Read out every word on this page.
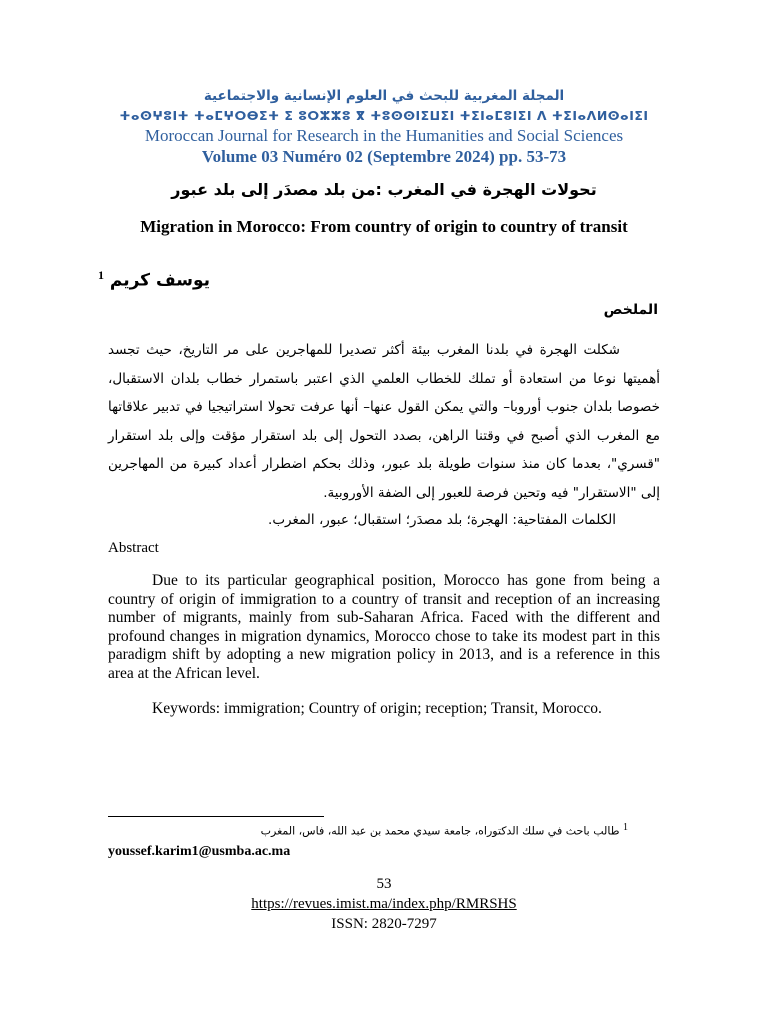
المجلة المغربية للبحث في العلوم الإنسانية والاجتماعية
ⵜⴰⵙⵖⵓⵏⵜ ⵜⴰⵎⵖⵔⴱⵉⵜ ⵉ ⵓⵔⵣⵣⵓ ⴳ ⵜⵓⵙⵙⵏⵉⵡⵉⵏ ⵜⵉⵏⴰⵎⵓⵏⵉⵏ ⴷ ⵜⵉⵏⴰⴷⵍⵙⴰⵏⵉⵏ
Moroccan Journal for Research in the Humanities and Social Sciences
Volume 03 Numéro 02 (Septembre 2024) pp. 53-73
تحولات الهجرة في المغرب :من بلد مصدَر إلى بلد عبور
Migration in Morocco: From country of origin to country of transit
يوسف كريم $^1$
الملخص
شكلت الهجرة في بلدنا المغرب بيئة أكثر تصديرا للمهاجرين على مر التاريخ، حيث تجسد أهميتها نوعا من استعادة أو تملك للخطاب العلمي الذي اعتبر باستمرار خطاب بلدان الاستقبال، خصوصا بلدان جنوب أوروبا– والتي يمكن القول عنها– أنها عرفت تحولا استراتيجيا في تدبير علاقاتها مع المغرب الذي أصبح في وقتنا الراهن، بصدد التحول إلى بلد استقرار مؤقت وإلى بلد استقرار "قسري"، بعدما كان منذ سنوات طويلة بلد عبور، وذلك بحكم اضطرار أعداد كبيرة من المهاجرين إلى "الاستقرار" فيه وتحين فرصة للعبور إلى الضفة الأوروبية.
الكلمات المفتاحية: الهجرة؛ بلد مصدَر؛ استقبال؛ عبور، المغرب.
Abstract
Due to its particular geographical position, Morocco has gone from being a country of origin of immigration to a country of transit and reception of an increasing number of migrants, mainly from sub-Saharan Africa. Faced with the different and profound changes in migration dynamics, Morocco chose to take its modest part in this paradigm shift by adopting a new migration policy in 2013, and is a reference in this area at the African level.
Keywords: immigration; Country of origin; reception; Transit, Morocco.
$^1$ طالب باحث في سلك الدكتوراه، جامعة سيدي محمد بن عبد الله، فاس، المغرب
youssef.karim1@usmba.ac.ma
53
https://revues.imist.ma/index.php/RMRSHS
ISSN: 2820-7297
